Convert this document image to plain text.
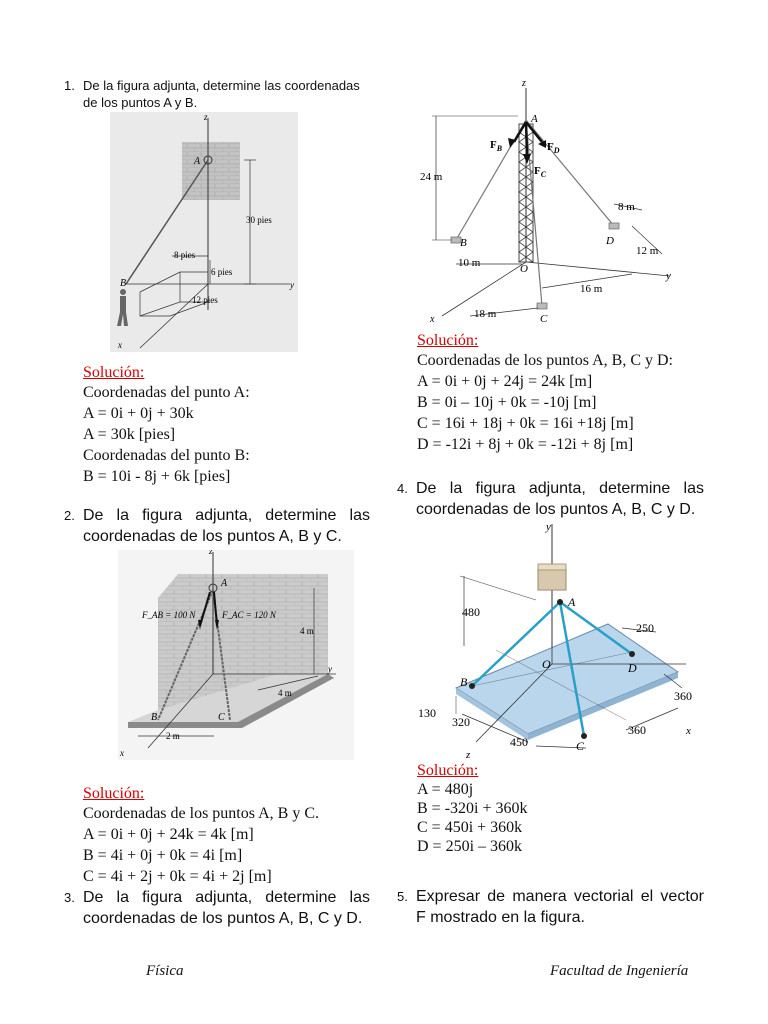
1. De la figura adjunta, determine las coordenadas de los puntos A y B.
z
A
30 pies
8 pies
6 pies
12 pies
B	y
x
Solución:
Coordenadas del punto A:
A = 0i + 0j + 30k
A = 30k [pies]
Coordenadas del punto B:
B = 10i - 8j + 6k [pies]
2. De la figura adjunta, determine las coordenadas de los puntos A, B y C.
z
A
F_AB = 100 N	F_AC = 120 N
4 m
y
4 m
B	C
2 m
x
Solución:
Coordenadas de los puntos A, B y C.
A = 0i + 0j + 24k = 4k [m]
B = 4i + 0j + 0k = 4i [m]
C = 4i + 2j + 0k = 4i + 2j [m]
3. De la figura adjunta, determine las coordenadas de los puntos A, B, C y D.
z
A
$F_B$	$F_D$
$F_C$
24 m
8 m
B	D
12 m
10 m	O
y
16 m
x	18 m	C
Solución:
Coordenadas de los puntos A, B, C y D:
A = 0i + 0j + 24j = 24k [m]
B = 0i – 10j + 0k = -10j [m]
C = 16i + 18j + 0k = 16i +18j [m]
D = -12i + 8j + 0k = -12i + 8j [m]
4. De la figura adjunta, determine las coordenadas de los puntos A, B, C y D.
y
480
A
250
O	D
B
360
130
320
360	x
450	C
z
Solución:
A = 480j
B = -320i + 360k
C = 450i + 360k
D = 250i – 360k
5. Expresar de manera vectorial el vector F mostrado en la figura.
Física	Facultad de Ingeniería
